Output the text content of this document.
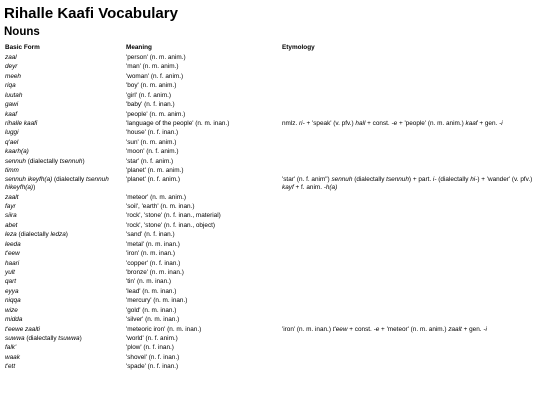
Rihalle Kaafi Vocabulary
Nouns
Basic Form	Meaning	Etymology
zaal	'person' (n. m. anim.)	
deyr	'man' (n. m. anim.)	
meeh	'woman' (n. f. anim.)	
riqa	'boy' (n. m. anim.)	
luutah	'girl' (n. f. anim.)	
gawi	'baby' (n. f. inan.)	
kaaf	'people' (n. m. anim.)	
rihalle kaafi	'language of the people' (n. m. inan.)	nmlz. ri- + 'speak' (v. pfv.) hall + const. -e + 'people' (n. m. anim.) kaaf + gen. -i
luggi	'house' (n. f. inan.)	
q'ael	'sun' (n. m. anim.)	
kaarh(a)	'moon' (n. f. anim.)	
sennuh (dialectally tsennuh)	'star' (n. f. anim.)	
timm	'planet' (n. m. anim.)	
sennuh ikeyfh(a) (dialectally tsennuh hikeyfh(a))	'planet' (n. f. anim.)	'star' (n. f. anim") sennuh (dialectally tsennuh) + part. i- (dialectally hi-) + 'wander' (v. pfv.) kayf + f. anim. -h(a)
zaalt	'meteor' (n. m. anim.)	
fayr	'soil', 'earth' (n. m. inan.)	
siira	'rock', 'stone' (n. f. inan., material)	
abet	'rock', 'stone' (n. f. inan., object)	
leza (dialectally ledza)	'sand' (n. f. inan.)	
leeda	'metal' (n. m. inan.)	
t'eew	'iron' (n. m. inan.)	
haari	'copper' (n. f. inan.)	
yult	'bronze' (n. m. inan.)	
qart	'tin' (n. m. inan.)	
eyya	'lead' (n. m. inan.)	
niqqa	'mercury' (n. m. inan.)	
wize	'gold' (n. m. inan.)	
midda	'silver' (n. m. inan.)	
t'eewe zaalti	'meteoric iron' (n. m. inan.)	'iron' (n. m. inan.) t'eew + const. -e + 'meteor' (n. m. anim.) zaalt + gen. -i
suwwa (dialectally tsuwwa)	'world' (n. f. anim.)	
falk'	'plow' (n. f. inan.)	
waak	'shovel' (n. f. inan.)	
t'ett	'spade' (n. f. inan.)	
